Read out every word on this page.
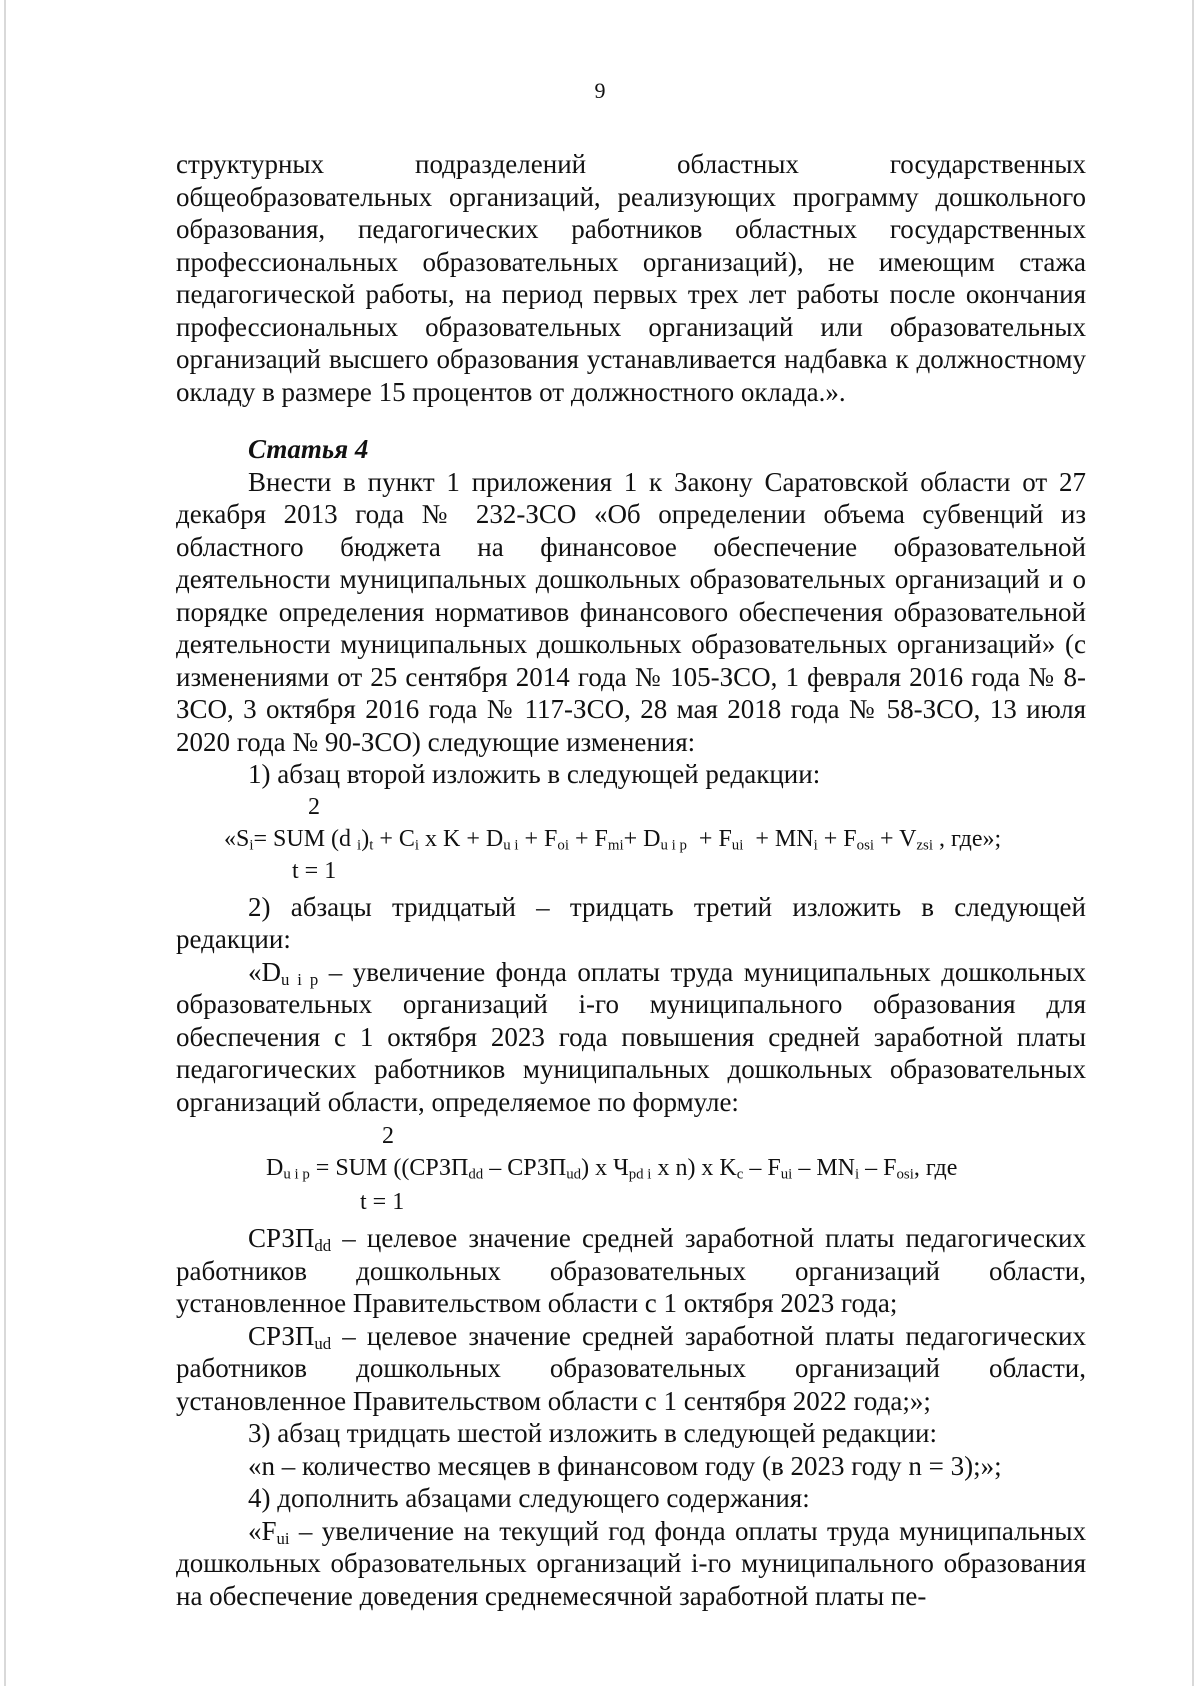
9

структурных подразделений областных государственных общеобразовательных организаций, реализующих программу дошкольного образования, педагогических работников областных государственных профессиональных образовательных организаций), не имеющим стажа педагогической работы, на период первых трех лет работы после окончания профессиональных образовательных организаций или образовательных организаций высшего образования устанавливается надбавка к должностному окладу в размере 15 процентов от должностного оклада.».

Статья 4

Внести в пункт 1 приложения 1 к Закону Саратовской области от 27 декабря 2013 года № 232-ЗСО «Об определении объема субвенций из областного бюджета на финансовое обеспечение образовательной деятельности муниципальных дошкольных образовательных организаций и о порядке определения нормативов финансового обеспечения образовательной деятельности муниципальных дошкольных образовательных организаций» (с изменениями от 25 сентября 2014 года № 105-ЗСО, 1 февраля 2016 года № 8-ЗСО, 3 октября 2016 года № 117-ЗСО, 28 мая 2018 года № 58-ЗСО, 13 июля 2020 года № 90-ЗСО) следующие изменения:

1) абзац второй изложить в следующей редакции:

2
«$S_i=$ SUM (d $_i)_t + C_i$ x $K + D_{u i} + F_{oi} + F_{mi}+ D_{u i p} + F_{ui} + MN_i + F_{osi} + V_{zsi}$ , где»;
t = 1

2) абзацы тридцатый – тридцать третий изложить в следующей редакции:

«$D_{u i p}$ – увеличение фонда оплаты труда муниципальных дошкольных образовательных организаций i-го муниципального образования для обеспечения с 1 октября 2023 года повышения средней заработной платы педагогических работников муниципальных дошкольных образовательных организаций области, определяемое по формуле:

2
$D_{u i p}$ = SUM (($СРЗП_{dd}$ – $СРЗП_{ud}$) x $Ч_{pd i}$ x n) x $K_c - F_{ui} - MN_i - F_{osi}$, где
t = 1

$СРЗП_{dd}$ – целевое значение средней заработной платы педагогических работников дошкольных образовательных организаций области, установленное Правительством области с 1 октября 2023 года;

$СРЗП_{ud}$ – целевое значение средней заработной платы педагогических работников дошкольных образовательных организаций области, установленное Правительством области с 1 сентября 2022 года;»;

3) абзац тридцать шестой изложить в следующей редакции:

«n – количество месяцев в финансовом году (в 2023 году n = 3);»;

4) дополнить абзацами следующего содержания:

«$F_{ui}$ – увеличение на текущий год фонда оплаты труда муниципальных дошкольных образовательных организаций i-го муниципального образования на обеспечение доведения среднемесячной заработной платы пе-
